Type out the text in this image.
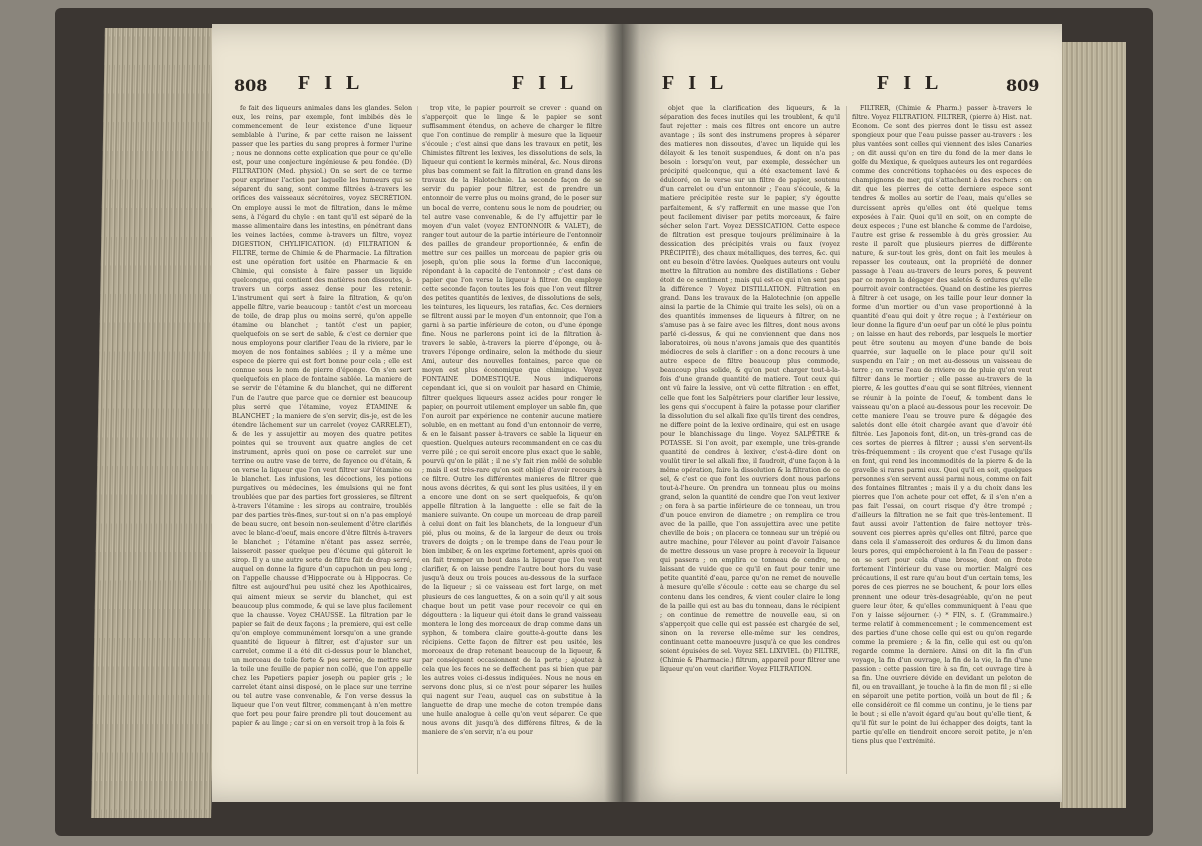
808 FIL	FIL

fe fait des liqueurs animales dans les glandes. Selon eux, les reins, par exemple, font imbibés dès le commencement de leur existence d'une liqueur semblable à l'urine, & par cette raison ne laissent passer que les parties du sang propres à former l'urine ; nous ne donnons cette explication que pour ce qu'elle est, pour une conjecture ingénieuse & peu fondée. (D) FILTRATION (Med. physiol.) On se sert de ce terme pour exprimer l'action par laquelle les humeurs qui se séparent du sang, sont comme filtrées à-travers les orifices des vaisseaux sécrétoires, voyez SECRÉTION. On employe aussi le mot de filtration, dans le même sens, à l'égard du chyle : en tant qu'il est séparé de la masse alimentaire dans les intestins, en pénétrant dans les veines lactées, comme à-travers un filtre, voyez DIGESTION, CHYLIFICATION. (d) FILTRATION & FILTRE, terme de Chimie & de Pharmacie. La filtration est une opération fort usitée en Pharmacie & en Chimie, qui consiste à faire passer un liquide quelconque, qui contient des matières non dissoutes, à-travers un corps assez dense pour les retenir. L'instrument qui sert à faire la filtration, & qu'on appelle filtre, varie beaucoup : tantôt c'est un morceau de toile, de drap plus ou moins serré, qu'on appelle étamine ou blanchet ; tantôt c'est un papier, quelquefois on se sert de sable, & c'est ce dernier que nous employons pour clarifier l'eau de la riviere, par le moyen de nos fontaines sablées ; il y a même une espece de pierre qui est fort bonne pour cela ; elle est connue sous le nom de pierre d'éponge. On s'en sert quelquefois en place de fontaine sablée. La maniere de se servir de l'étamine & du blanchet, qui ne different l'un de l'autre que parce que ce dernier est beaucoup plus serré que l'étamine, voyez ÉTAMINE & BLANCHET ; la maniere de s'en servir, dis-je, est de les étendre lâchement sur un carrelet (voyez CARRELET), & de les y assujettir au moyen des quatre petites pointes qui se trouvent aux quatre angles de cet instrument, après quoi on pose ce carrelet sur une terrine ou autre vase de terre, de fayence ou d'étain, & on verse la liqueur que l'on veut filtrer sur l'étamine ou le blanchet. Les infusions, les décoctions, les potions purgatives ou médecines, les émulsions qui ne font troublées que par des parties fort grossieres, se filtrent à-travers l'étamine : les sirops au contraire, troublés par des parties très-fines, sur-tout si on n'a pas employé de beau sucre, ont besoin non-seulement d'être clarifiés avec le blanc-d'oeuf, mais encore d'être filtrés à-travers le blanchet ; l'étamine n'étant pas assez serrée, laisseroit passer quelque peu d'écume qui gâteroit le sirop. Il y a une autre sorte de filtre fait de drap serré, auquel on donne la figure d'un capuchon un peu long ; on l'appelle chausse d'Hippocrate ou à Hippocras. Ce filtre est aujourd'hui peu usité chez les Apothicaires, qui aiment mieux se servir du blanchet, qui est beaucoup plus commode, & qui se lave plus facilement que la chausse. Voyez CHAUSSE. La filtration par le papier se fait de deux façons ; la premiere, qui est celle qu'on employe communément lorsqu'on a une grande quantité de liqueur à filtrer, est d'ajuster sur un carrelet, comme il a été dit ci-dessus pour le blanchet, un morceau de toile forte & peu serrée, de mettre sur la toile une feuille de papier non collé, que l'on appelle chez les Papetiers papier joseph ou papier gris ; le carrelet étant ainsi disposé, on le place sur une terrine ou tel autre vase convenable, & l'on verse dessus la liqueur que l'on veut filtrer, commençant à n'en mettre que fort peu pour faire prendre pli tout doucement au papier & au linge ; car si on en versoit trop à la fois &

trop vite, le papier pourroit se crever : quand on s'apperçoit que le linge & le papier se sont suffisamment étendus, on acheve de charger le filtre que l'on continue de remplir à mesure que la liqueur s'écoule ; c'est ainsi que dans les travaux en petit, les Chimistes filtrent les lexives, les dissolutions de sels, la liqueur qui contient le kermès minéral, &c. Nous dirons plus bas comment se fait la filtration en grand dans les travaux de la Halotechnie. La seconde façon de se servir du papier pour filtrer, est de prendre un entonnoir de verre plus ou moins grand, de le poser sur un bocal de verre, contenu sous le nom de poudrier, ou tel autre vase convenable, & de l'y affujettir par le moyen d'un valet (voyez ENTONNOIR & VALET), de ranger tout autour de la partie intérieure de l'entonnoir des pailles de grandeur proportionnée, & enfin de mettre sur ces pailles un morceau de papier gris ou joseph, qu'on plie sous la forme d'un lacconique, répondant à la capacité de l'entonnoir ; c'est dans ce papier que l'on verse la liqueur à filtrer. On employe cette seconde façon toutes les fois que l'on veut filtrer des petites quantités de lexives, de dissolutions de sels, les teintures, les liqueurs, les ratafias, &c. Ces derniers se filtrent aussi par le moyen d'un entonnoir, que l'on a garni à sa partie inférieure de coton, ou d'une éponge fine. Nous ne parlerons point ici de la filtration à-travers le sable, à-travers la pierre d'éponge, ou à-travers l'éponge ordinaire, selon la méthode du sieur Ami, auteur des nouvelles fontaines, parce que ce moyen est plus économique que chimique. Voyez FONTAINE DOMESTIQUE. Nous indiquerons cependant ici, que si on vouloit par hasard en Chimie, filtrer quelques liqueurs assez acides pour ronger le papier, on pourroit utilement employer un sable fin, que l'on auroit par expérience ne contenir aucune matiere soluble, en en mettant au fond d'un entonnoir de verre, & en le faisant passer à-travers ce sable la liqueur en question. Quelques auteurs recommandent en ce cas du verre pilé ; ce qui seroit encore plus exact que le sable, pourvû qu'on le pilât ; il ne s'y fait rien mêlé de soluble ; mais il est très-rare qu'on soit obligé d'avoir recours à ce filtre. Outre les différentes manieres de filtrer que nous avons décrites, & qui sont les plus usitées, il y en a encore une dont on se sert quelquefois, & qu'on appelle filtration à la languette : elle se fait de la maniere suivante. On coupe un morceau de drap pareil à celui dont on fait les blanchets, de la longueur d'un pié, plus ou moins, & de la largeur de deux ou trois travers de doigts ; on le trempe dans de l'eau pour le bien imbiber, & on les exprime fortement, après quoi on en fait tremper un bout dans la liqueur que l'on veut clarifier, & on laisse pendre l'autre bout hors du vase jusqu'à deux ou trois pouces au-dessous de la surface de la liqueur ; si ce vaisseau est fort large, on met plusieurs de ces languettes, & on a soin qu'il y ait sous chaque bout un petit vase pour recevoir ce qui en dégouttera : la liqueur qui étoit dans le grand vaisseau montera le long des morceaux de drap comme dans un syphon, & tombera claire goutte-à-goutte dans les récipiens. Cette façon de filtrer est peu usitée, les morceaux de drap retenant beaucoup de la liqueur, & par conséquent occasionnent de la perte ; ajoutez à cela que les feces ne se deffechent pas si bien que par les autres voies ci-dessus indiquées. Nous ne nous en servons donc plus, si ce n'est pour séparer les huiles qui nagent sur l'eau, auquel cas on substitue à la languette de drap une meche de coton trempée dans une huile analogue à celle qu'on veut séparer. Ce que nous avons dit jusqu'à des différens filtres, & de la maniere de s'en servir, n'a eu pour

FIL	FIL	809

objet que la clarification des liqueurs, & la séparation des feces inutiles qui les troublent, & qu'il faut rejetter : mais ces filtres ont encore un autre avantage ; ils sont des instrumens propres à séparer des matieres non dissoutes, d'avec un liquide qui les délayoit & les tenoit suspendues, & dont on n'a pas besoin : lorsqu'on veut, par exemple, dessécher un précipité quelconque, qui a été exactement lavé & édulcoré, on le verse sur un filtre de papier, soutenu d'un carrelet ou d'un entonnoir ; l'eau s'écoule, & la matiere précipitée reste sur le papier, s'y égoutte parfaitement, & s'y raffermit en une masse que l'on peut facilement diviser par petits morceaux, & faire sécher selon l'art. Voyez DESSICATION. Cette espece de filtration est presque toujours préliminaire à la dessication des précipités vrais ou faux (voyez PRÉCIPITÉ), des chaux métalliques, des terres, &c. qui ont eu besoin d'être lavées. Quelques auteurs ont voulu mettre la filtration au nombre des distillations : Geber étoit de ce sentiment ; mais qui est-ce qui n'en sent pas la différence ? Voyez DISTILLATION. Filtration en grand. Dans les travaux de la Halotechnie (on appelle ainsi la partie de la Chimie qui traite les sels), où on a des quantités immenses de liqueurs à filtrer, on ne s'amuse pas à se faire avec les filtres, dont nous avons parlé ci-dessus, & qui ne conviennent que dans nos laboratoires, où nous n'avons jamais que des quantités médiocres de sels à clarifier : on a donc recours à une autre espece de filtre beaucoup plus commode, beaucoup plus solide, & qu'on peut charger tout-à-la-fois d'une grande quantité de matiere. Tout ceux qui ont vû faire la lessive, ont vû cette filtration : en effet, celle que font les Salpêtriers pour clarifier leur lessive, les gens qui s'occupent à faire la potasse pour clarifier la dissolution du sel alkali fixe qu'ils tirent des cendres, ne differe point de la lexive ordinaire, qui est en usage pour le blanchissage du linge. Voyez SALPÊTRE & POTASSE. Si l'on avoit, par exemple, une très-grande quantité de cendres à lexiver, c'est-à-dire dont on voulût tirer le sel alkali fixe, il faudroit, d'une façon à la même opération, faire la dissolution & la filtration de ce sel, & c'est ce que font les ouvriers dont nous parlons tout-à-l'heure. On prendra un tonneau plus ou moins grand, selon la quantité de cendre que l'on veut lexiver ; on fera à sa partie inférieure de ce tonneau, un trou d'un pouce environ de diametre ; on remplira ce trou avec de la paille, que l'on assujettira avec une petite cheville de bois ; on placera ce tonneau sur un trépié ou autre machine, pour l'élever au point d'avoir l'aisance de mettre dessous un vase propre à recevoir la liqueur qui passera ; on emplira ce tonneau de cendre, ne laissant de vuide que ce qu'il en faut pour tenir une petite quantité d'eau, parce qu'on ne remet de nouvelle à mesure qu'elle s'écoule : cette eau se charge du sel contenu dans les cendres, & vient couler claire le long de la paille qui est au bas du tonneau, dans le récipient ; on continue de remettre de nouvelle eau, si on s'apperçoit que celle qui est passée est chargée de sel, sinon on la reverse elle-même sur les cendres, continuant cette manoeuvre jusqu'à ce que les cendres soient épuisées de sel. Voyez SEL LIXIVIEL. (b) FILTRE, (Chimie & Pharmacie.) filtrum, appareil pour filtrer une liqueur qu'on veut clarifier. Voyez FILTRATION.

FILTRER, (Chimie & Pharm.) passer à-travers le filtre. Voyez FILTRATION. FILTRER, (pierre à) Hist. nat. Econom. Ce sont des pierres dont le tissu est assez spongieux pour que l'eau puisse passer au-travers : les plus vantées sont celles qui viennent des isles Canaries ; on dit aussi qu'on en tire du fond de la mer dans le golfe du Mexique, & quelques auteurs les ont regardées comme des concrétions tophacées ou des especes de champignons de mer, qui s'attachent à des rochers : on dit que les pierres de cette derniere espece sont tendres & molles au sortir de l'eau, mais qu'elles se durcissent après qu'elles ont été quelque tems exposées à l'air. Quoi qu'il en soit, on en compte de deux especes ; l'une est blanche & comme de l'ardoise, l'autre est grise & ressemble à du grès grossier. Au reste il paroît que plusieurs pierres de différente nature, & sur-tout les grès, dont on fait les meules à repasser les couteaux, ont la propriété de donner passage à l'eau au-travers de leurs pores, & peuvent par ce moyen la dégager des saletés & ordures qu'elle pourroit avoir contractées. Quand on destine les pierres à filtrer à cet usage, on les taille pour leur donner la forme d'un mortier ou d'un vase proportionné à la quantité d'eau qui doit y être reçue ; à l'extérieur on leur donne la figure d'un oeuf par un côté le plus pointu ; on laisse en haut des rebords, par lesquels le mortier peut être soutenu au moyen d'une bande de bois quarrée, sur laquelle on le place pour qu'il soit suspendu en l'air ; on met au-dessous un vaisseau de terre ; on verse l'eau de riviere ou de pluie qu'on veut filtrer dans le mortier ; elle passe au-travers de la pierre, & les gouttes d'eau qui se sont filtrées, viennent se réunir à la pointe de l'oeuf, & tombent dans le vaisseau qu'on a placé au-dessous pour les recevoir. De cette maniere l'eau se trouve pure & dégagée des saletés dont elle étoit chargée avant que d'avoir été filtrée. Les Japonois font, dit-on, un très-grand cas de ces sortes de pierres à filtrer ; aussi s'en servent-ils très-fréquemment : ils croyent que c'est l'usage qu'ils en font, qui rend les incommodités de la pierre & de la gravelle si rares parmi eux. Quoi qu'il en soit, quelques personnes s'en servent aussi parmi nous, comme on fait des fontaines filtrantes ; mais il y a du choix dans les pierres que l'on achete pour cet effet, & il s'en n'en a pas fait l'essai, on court risque d'y être trompé ; d'ailleurs la filtration ne se fait que très-lentement. Il faut aussi avoir l'attention de faire nettoyer très-souvent ces pierres après qu'elles ont filtré, parce que dans cela il s'amasseroit des ordures & du limon dans leurs pores, qui empêcheroient à la fin l'eau de passer : on se sert pour cela d'une brosse, dont on frote fortement l'intérieur du vase ou mortier. Malgré ces précautions, il est rare qu'au bout d'un certain tems, les pores de ces pierres ne se bouchent, & pour lors elles prennent une odeur très-desagréable, qu'on ne peut guere leur ôter, & qu'elles communiquent à l'eau que l'on y laisse séjourner. (-) * FIN, s. f. (Grammaire.) terme relatif à commencement ; le commencement est des parties d'une chose celle qui est ou qu'on regarde comme la premiere ; & la fin, celle qui est ou qu'on regarde comme la derniere. Ainsi on dit la fin d'un voyage, la fin d'un ouvrage, la fin de la vie, la fin d'une passion : cette passion tire à sa fin, cet ouvrage tire à sa fin. Une ouvriere dévide en devidant un peloton de fil, ou en travaillant, je touche à la fin de mon fil ; si elle en séparoit une petite portion, voilà un bout de fil ; & elle considéroit ce fil comme un continu, je le tiens par le bout ; si elle n'avoit égard qu'au bout qu'elle tient, & qu'il fût sur le point de lui échapper des doigts, tant la partie qu'elle en tiendroit encore seroit petite, je n'en tiens plus que l'extrémité.
